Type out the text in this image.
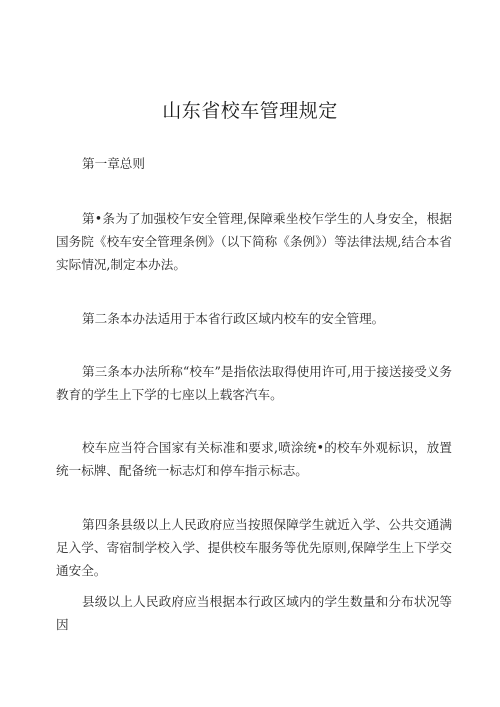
山东省校车管理规定

第一章总则

第•条为了加强校乍安全管理,保障乘坐校乍学生的人身安全，根据国务院《校车安全管理条例》（以下简称《条例》）等法律法规,结合本省实际情况,制定本办法。

第二条本办法适用于本省行政区域内校车的安全管理。

第三条本办法所称“校车”是指依法取得使用许可,用于接送接受义务教育的学生上下学的七座以上载客汽车。

校车应当符合国家有关标准和要求,喷涂统•的校车外观标识，放置统一标牌、配备统一标志灯和停车指示标志。

第四条县级以上人民政府应当按照保障学生就近入学、公共交通满足入学、寄宿制学校入学、提供校车服务等优先原则,保障学生上下学交通安全。

县级以上人民政府应当根据本行政区域内的学生数量和分布状况等因
